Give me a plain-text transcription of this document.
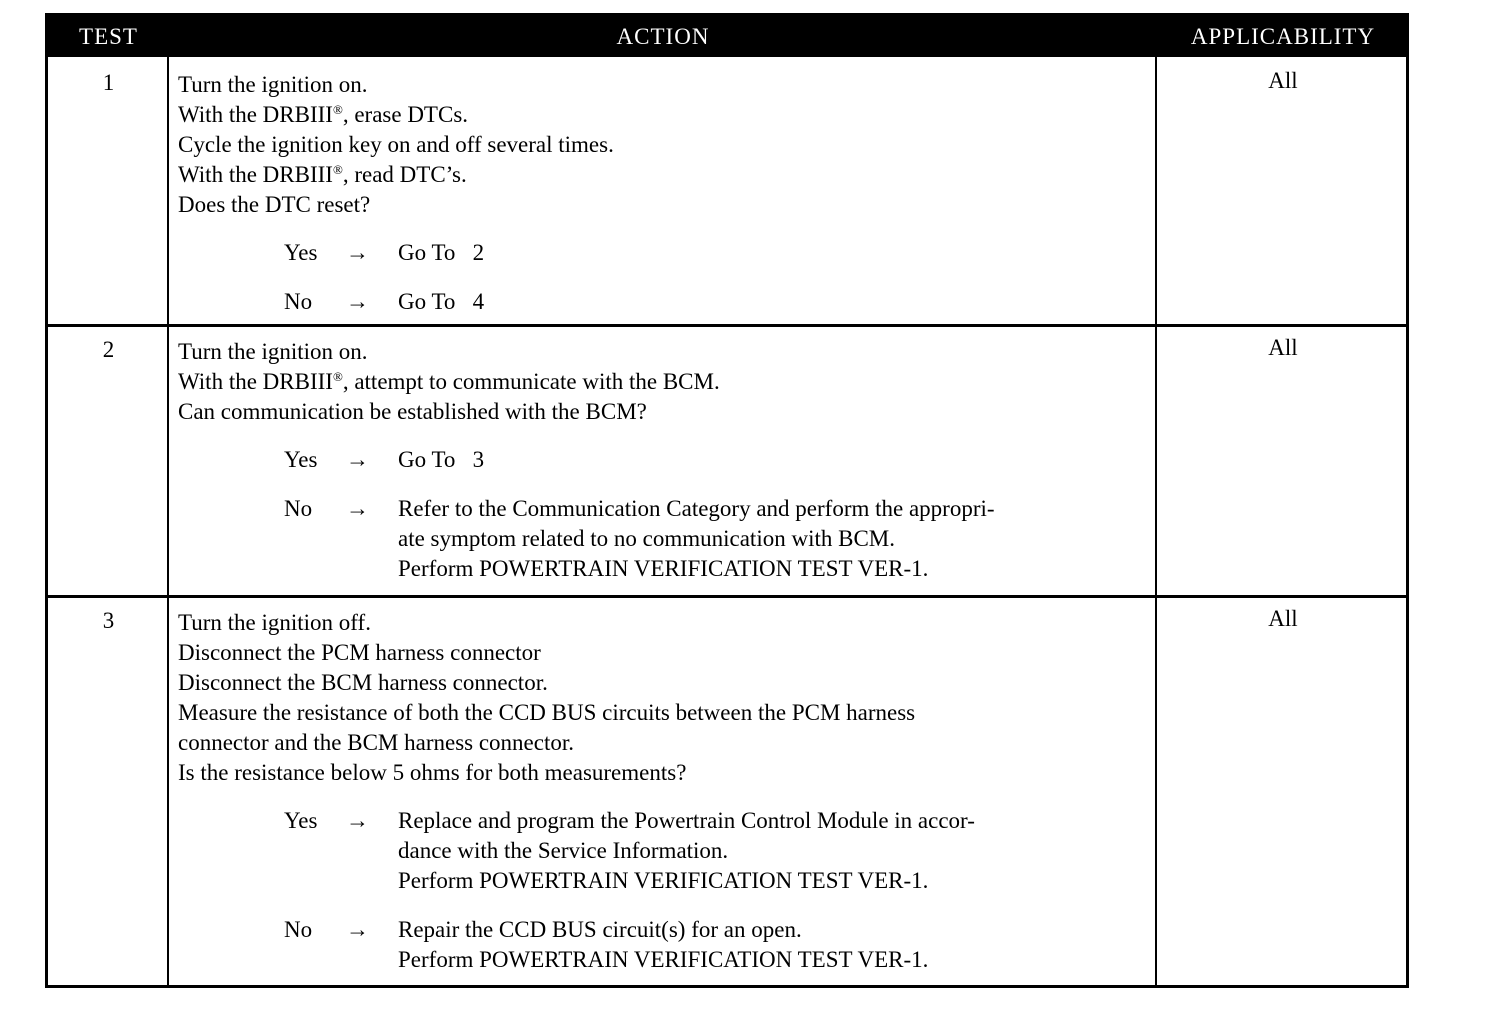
TEST	ACTION	APPLICABILITY
1	Turn the ignition on.
With the DRBIII®, erase DTCs.
Cycle the ignition key on and off several times.
With the DRBIII®, read DTC’s.
Does the DTC reset?
Yes	→	Go To   2
No	→	Go To   4
All
2	Turn the ignition on.
With the DRBIII®, attempt to communicate with the BCM.
Can communication be established with the BCM?
Yes	→	Go To   3
No	→	Refer to the Communication Category and perform the appropri-
ate symptom related to no communication with BCM.
Perform POWERTRAIN VERIFICATION TEST VER-1.
All
3	Turn the ignition off.
Disconnect the PCM harness connector
Disconnect the BCM harness connector.
Measure the resistance of both the CCD BUS circuits between the PCM harness
connector and the BCM harness connector.
Is the resistance below 5 ohms for both measurements?
Yes	→	Replace and program the Powertrain Control Module in accor-
dance with the Service Information.
Perform POWERTRAIN VERIFICATION TEST VER-1.
No	→	Repair the CCD BUS circuit(s) for an open.
Perform POWERTRAIN VERIFICATION TEST VER-1.
All
